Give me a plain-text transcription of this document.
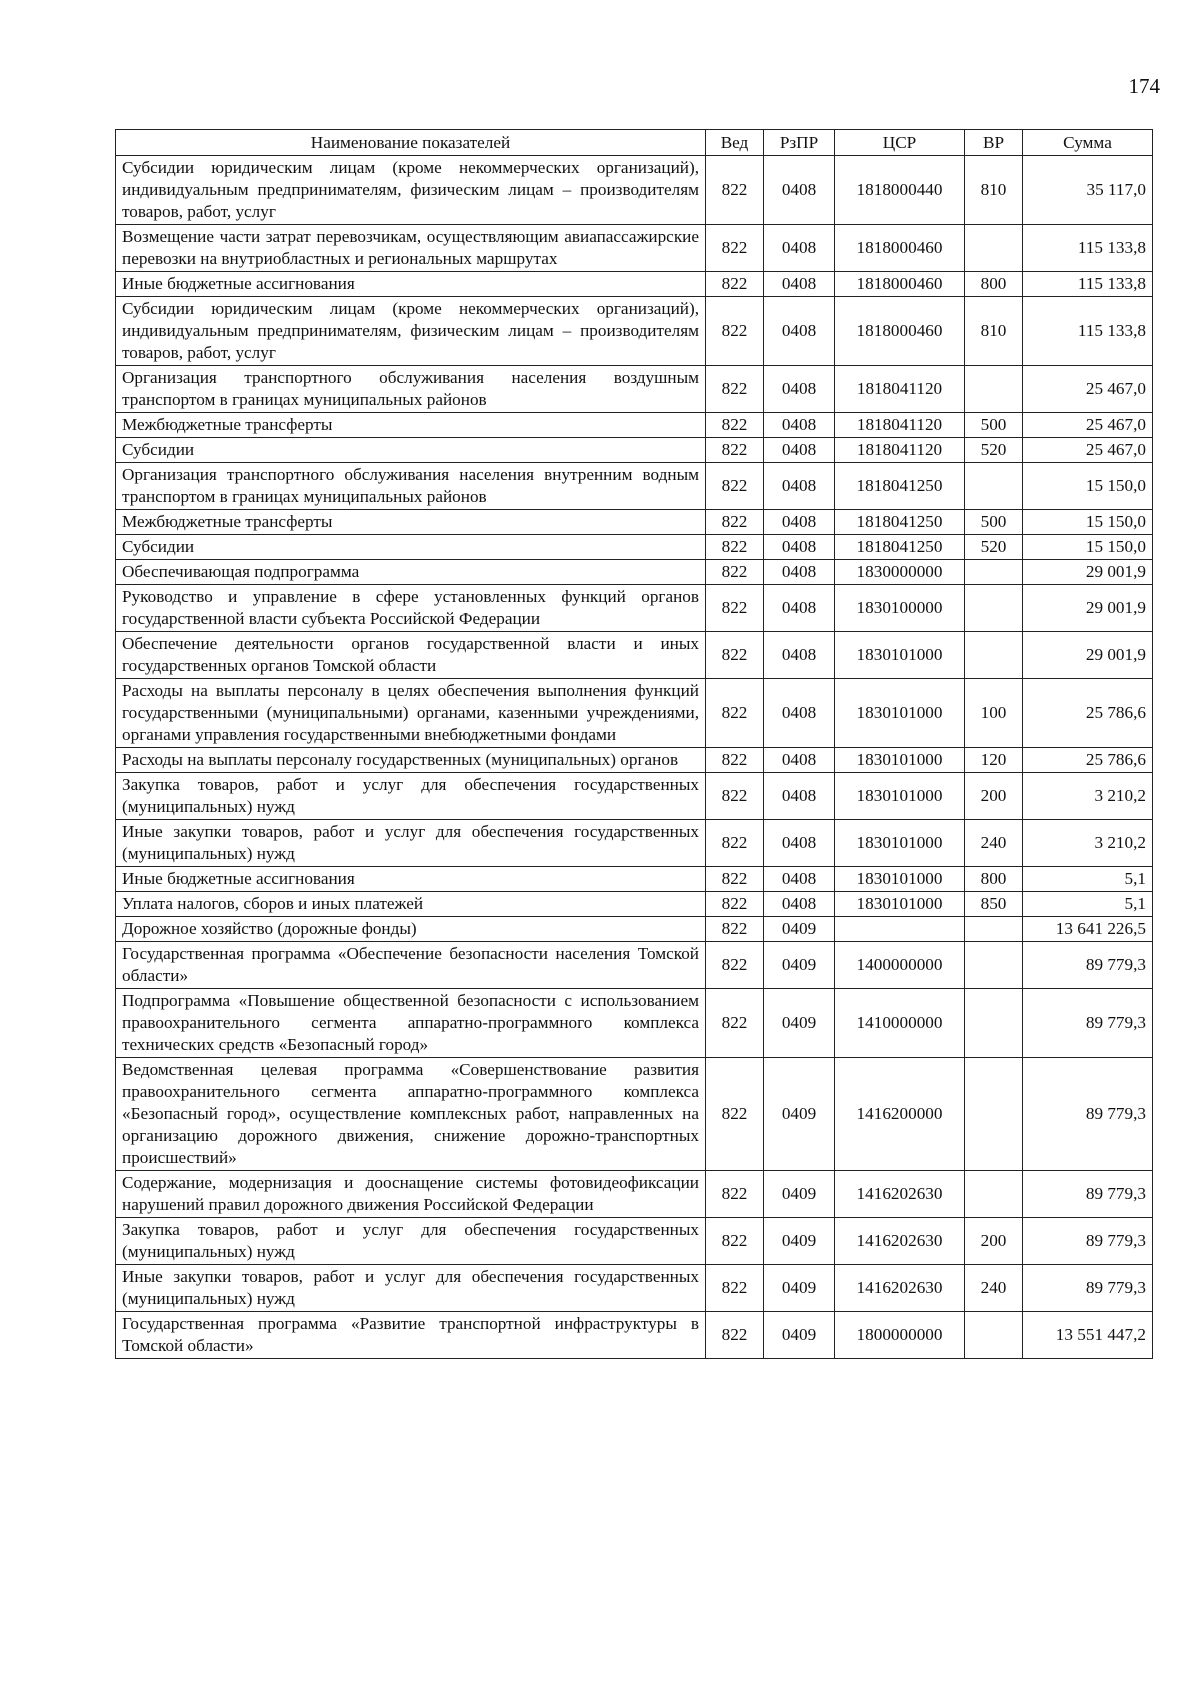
174
Наименование показателей	Вед	РзПР	ЦСР	ВР	Сумма
Субсидии юридическим лицам (кроме некоммерческих организаций), индивидуальным предпринимателям, физическим лицам – производителям товаров, работ, услуг	822	0408	1818000440	810	35 117,0
Возмещение части затрат перевозчикам, осуществляющим авиапассажирские перевозки на внутриобластных и региональных маршрутах	822	0408	1818000460		115 133,8
Иные бюджетные ассигнования	822	0408	1818000460	800	115 133,8
Субсидии юридическим лицам (кроме некоммерческих организаций), индивидуальным предпринимателям, физическим лицам – производителям товаров, работ, услуг	822	0408	1818000460	810	115 133,8
Организация транспортного обслуживания населения воздушным транспортом в границах муниципальных районов	822	0408	1818041120		25 467,0
Межбюджетные трансферты	822	0408	1818041120	500	25 467,0
Субсидии	822	0408	1818041120	520	25 467,0
Организация транспортного обслуживания населения внутренним водным транспортом в границах муниципальных районов	822	0408	1818041250		15 150,0
Межбюджетные трансферты	822	0408	1818041250	500	15 150,0
Субсидии	822	0408	1818041250	520	15 150,0
Обеспечивающая подпрограмма	822	0408	1830000000		29 001,9
Руководство и управление в сфере установленных функций органов государственной власти субъекта Российской Федерации	822	0408	1830100000		29 001,9
Обеспечение деятельности органов государственной власти и иных государственных органов Томской области	822	0408	1830101000		29 001,9
Расходы на выплаты персоналу в целях обеспечения выполнения функций государственными (муниципальными) органами, казенными учреждениями, органами управления государственными внебюджетными фондами	822	0408	1830101000	100	25 786,6
Расходы на выплаты персоналу государственных (муниципальных) органов	822	0408	1830101000	120	25 786,6
Закупка товаров, работ и услуг для обеспечения государственных (муниципальных) нужд	822	0408	1830101000	200	3 210,2
Иные закупки товаров, работ и услуг для обеспечения государственных (муниципальных) нужд	822	0408	1830101000	240	3 210,2
Иные бюджетные ассигнования	822	0408	1830101000	800	5,1
Уплата налогов, сборов и иных платежей	822	0408	1830101000	850	5,1
Дорожное хозяйство (дорожные фонды)	822	0409			13 641 226,5
Государственная программа «Обеспечение безопасности населения Томской области»	822	0409	1400000000		89 779,3
Подпрограмма «Повышение общественной безопасности с использованием правоохранительного сегмента аппаратно-программного комплекса технических средств «Безопасный город»	822	0409	1410000000		89 779,3
Ведомственная целевая программа «Совершенствование развития правоохранительного сегмента аппаратно-программного комплекса «Безопасный город», осуществление комплексных работ, направленных на организацию дорожного движения, снижение дорожно-транспортных происшествий»	822	0409	1416200000		89 779,3
Содержание, модернизация и дооснащение системы фотовидеофиксации нарушений правил дорожного движения Российской Федерации	822	0409	1416202630		89 779,3
Закупка товаров, работ и услуг для обеспечения государственных (муниципальных) нужд	822	0409	1416202630	200	89 779,3
Иные закупки товаров, работ и услуг для обеспечения государственных (муниципальных) нужд	822	0409	1416202630	240	89 779,3
Государственная программа «Развитие транспортной инфраструктуры в Томской области»	822	0409	1800000000		13 551 447,2
